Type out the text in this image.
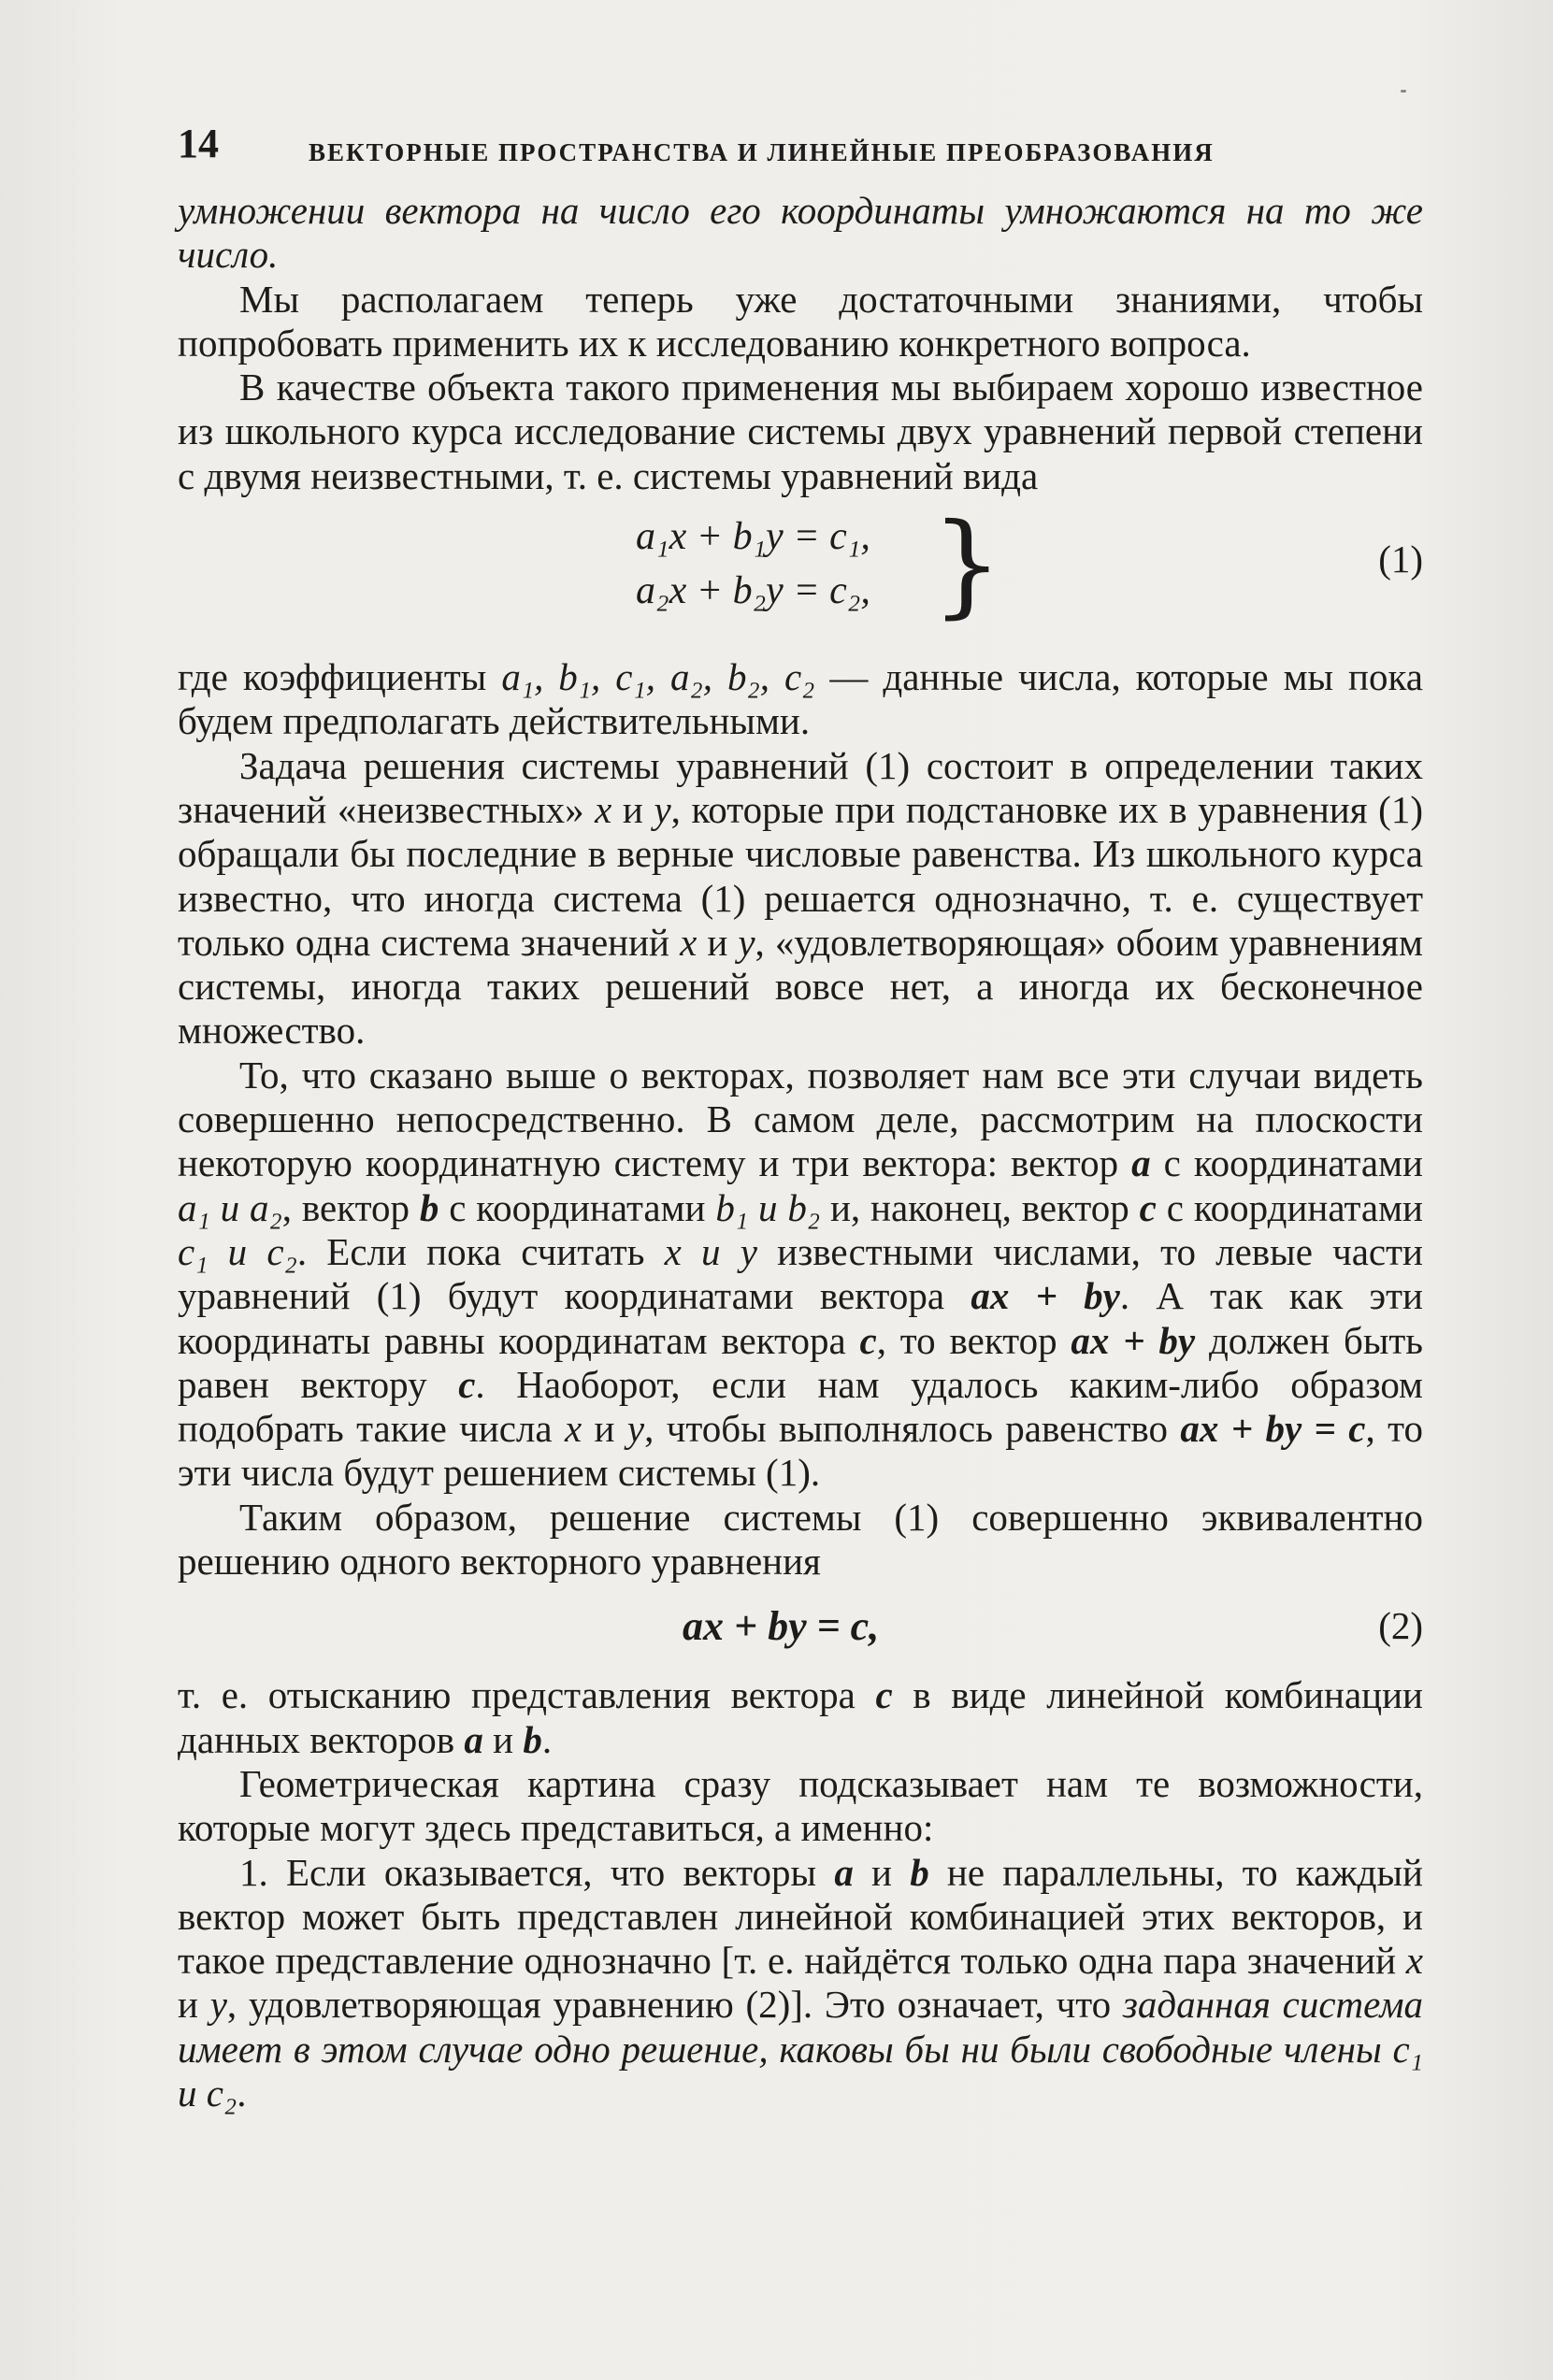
14	ВЕКТОРНЫЕ ПРОСТРАНСТВА И ЛИНЕЙНЫЕ ПРЕОБРАЗОВАНИЯ

умножении вектора на число его координаты умножаются на то же число.

Мы располагаем теперь уже достаточными знаниями, чтобы попробовать применить их к исследованию конкретного вопроса.

В качестве объекта такого применения мы выбираем хорошо известное из школьного курса исследование системы двух уравнений первой степени с двумя неизвестными, т. е. системы уравнений вида

a₁x + b₁y = c₁,
a₂x + b₂y = c₂, }	(1)

где коэффициенты a₁, b₁, c₁, a₂, b₂, c₂ — данные числа, которые мы пока будем предполагать действительными.

Задача решения системы уравнений (1) состоит в определении таких значений «неизвестных» x и y, которые при подстановке их в уравнения (1) обращали бы последние в верные числовые равенства. Из школьного курса известно, что иногда система (1) решается однозначно, т. е. существует только одна система значений x и y, «удовлетворяющая» обоим уравнениям системы, иногда таких решений вовсе нет, а иногда их бесконечное множество.

То, что сказано выше о векторах, позволяет нам все эти случаи видеть совершенно непосредственно. В самом деле, рассмотрим на плоскости некоторую координатную систему и три вектора: вектор a с координатами a₁ и a₂, вектор b с координатами b₁ и b₂ и, наконец, вектор c с координатами c₁ и c₂. Если пока считать x и y известными числами, то левые части уравнений (1) будут координатами вектора ax + by. А так как эти координаты равны координатам вектора c, то вектор ax + by должен быть равен вектору c. Наоборот, если нам удалось каким-либо образом подобрать такие числа x и y, чтобы выполнялось равенство ax + by = c, то эти числа будут решением системы (1).

Таким образом, решение системы (1) совершенно эквивалентно решению одного векторного уравнения

ax + by = c,	(2)

т. е. отысканию представления вектора c в виде линейной комбинации данных векторов a и b.

Геометрическая картина сразу подсказывает нам те возможности, которые могут здесь представиться, а именно:

1. Если оказывается, что векторы a и b не параллельны, то каждый вектор может быть представлен линейной комбинацией этих векторов, и такое представление однозначно [т. е. найдётся только одна пара значений x и y, удовлетворяющая уравнению (2)]. Это означает, что заданная система имеет в этом случае одно решение, каковы бы ни были свободные члены c₁ и c₂.
